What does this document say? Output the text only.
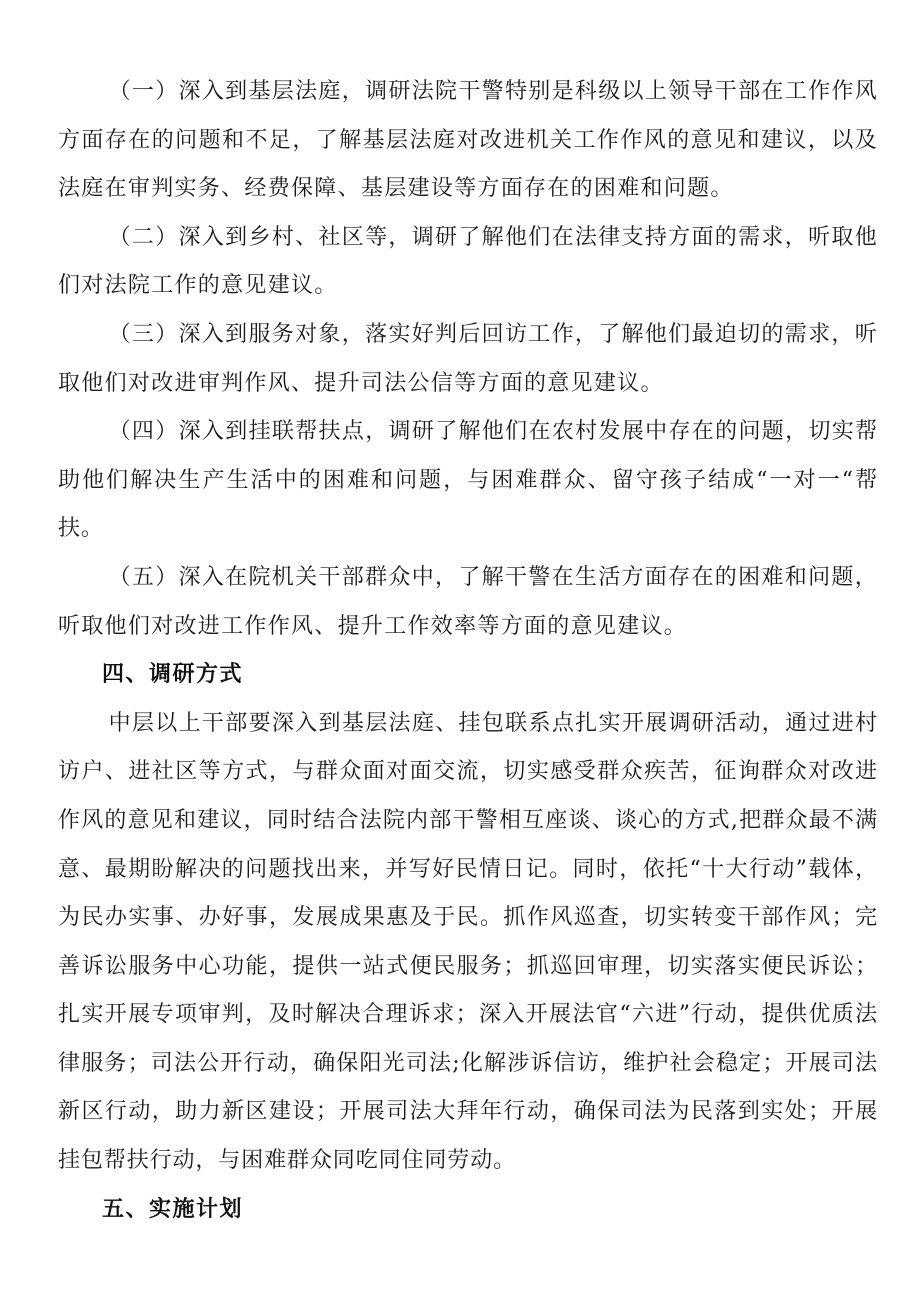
（一）深入到基层法庭，调研法院干警特别是科级以上领导干部在工作作风方面存在的问题和不足，了解基层法庭对改进机关工作作风的意见和建议，以及法庭在审判实务、经费保障、基层建设等方面存在的困难和问题。

（二）深入到乡村、社区等，调研了解他们在法律支持方面的需求，听取他们对法院工作的意见建议。

（三）深入到服务对象，落实好判后回访工作，了解他们最迫切的需求，听取他们对改进审判作风、提升司法公信等方面的意见建议。

（四）深入到挂联帮扶点，调研了解他们在农村发展中存在的问题，切实帮助他们解决生产生活中的困难和问题，与困难群众、留守孩子结成“一对一“帮扶。

（五）深入在院机关干部群众中，了解干警在生活方面存在的困难和问题，听取他们对改进工作作风、提升工作效率等方面的意见建议。

四、调研方式

中层以上干部要深入到基层法庭、挂包联系点扎实开展调研活动，通过进村访户、进社区等方式，与群众面对面交流，切实感受群众疾苦，征询群众对改进作风的意见和建议，同时结合法院内部干警相互座谈、谈心的方式,把群众最不满意、最期盼解决的问题找出来，并写好民情日记。同时，依托“十大行动”载体，为民办实事、办好事，发展成果惠及于民。抓作风巡查，切实转变干部作风；完善诉讼服务中心功能，提供一站式便民服务；抓巡回审理，切实落实便民诉讼；扎实开展专项审判，及时解决合理诉求；深入开展法官“六进”行动，提供优质法律服务；司法公开行动，确保阳光司法;化解涉诉信访，维护社会稳定；开展司法新区行动，助力新区建设；开展司法大拜年行动，确保司法为民落到实处；开展挂包帮扶行动，与困难群众同吃同住同劳动。

五、实施计划
